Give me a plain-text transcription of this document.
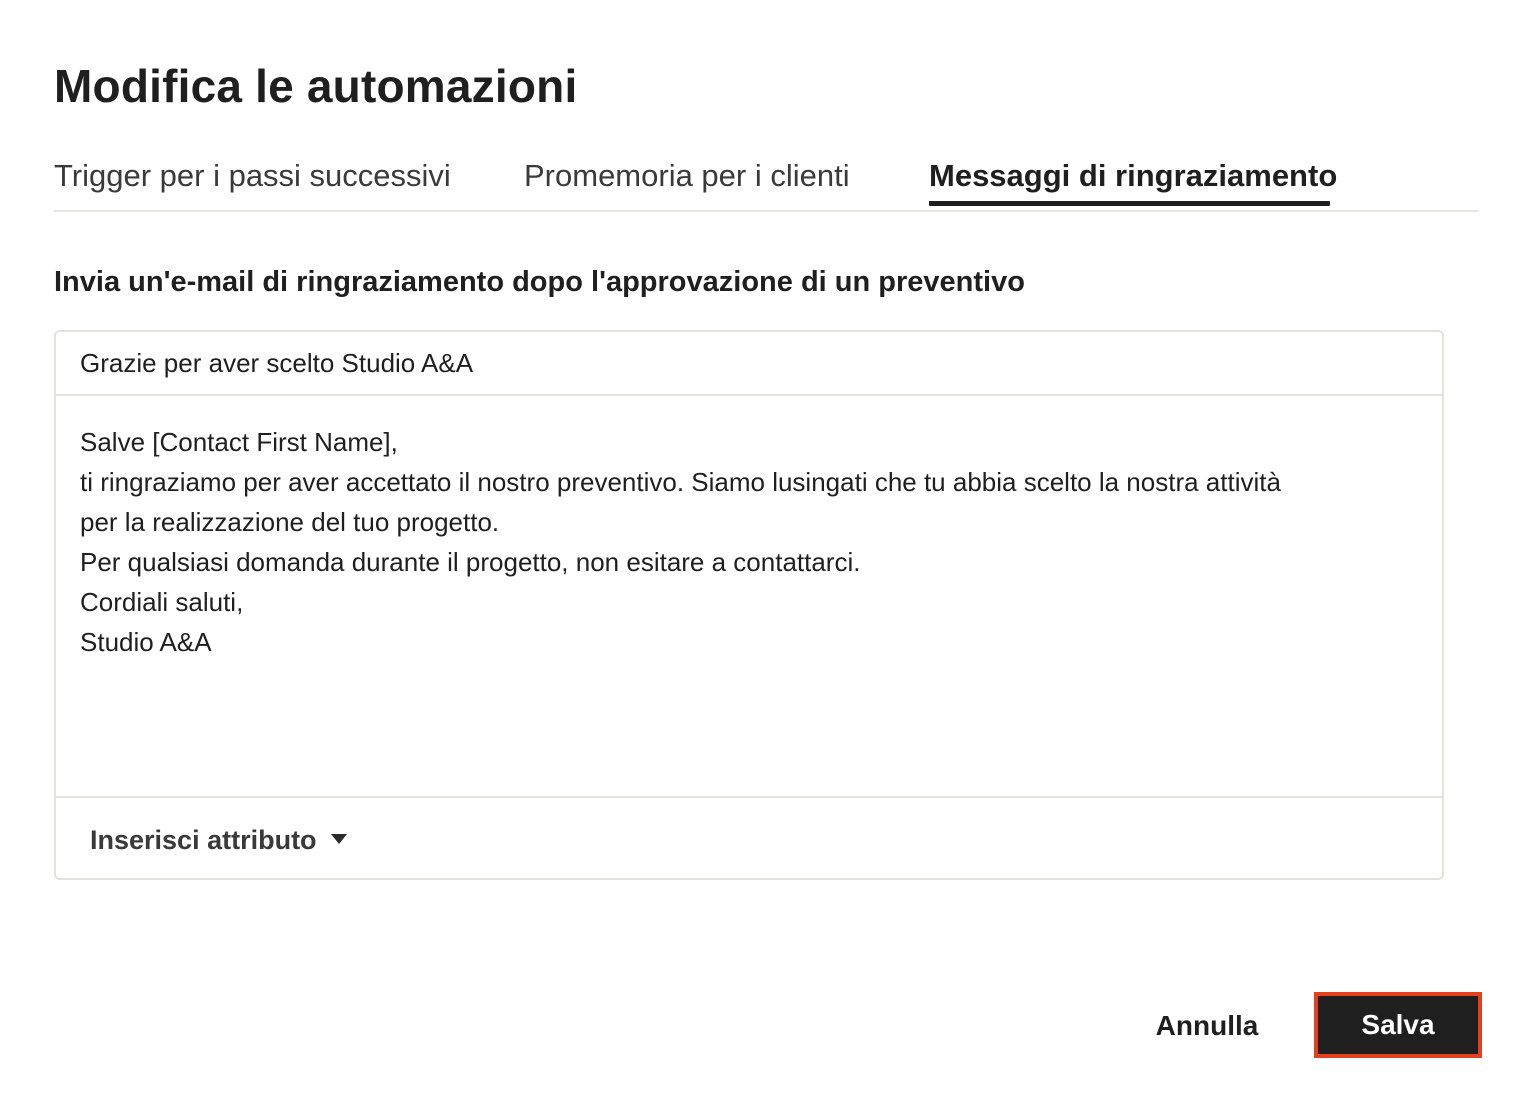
Modifica le automazioni
Trigger per i passi successivi Promemoria per i clienti	Messaggi di ringraziamento
Invia un'e-mail di ringraziamento dopo l'approvazione di un preventivo
Grazie per aver scelto Studio A&A
Salve [Contact First Name],
ti ringraziamo per aver accettato il nostro preventivo. Siamo lusingati che tu abbia scelto la nostra attività
per la realizzazione del tuo progetto.
Per qualsiasi domanda durante il progetto, non esitare a contattarci.
Cordiali saluti,
Studio A&A
Inserisci attributo
Annulla	Salva
